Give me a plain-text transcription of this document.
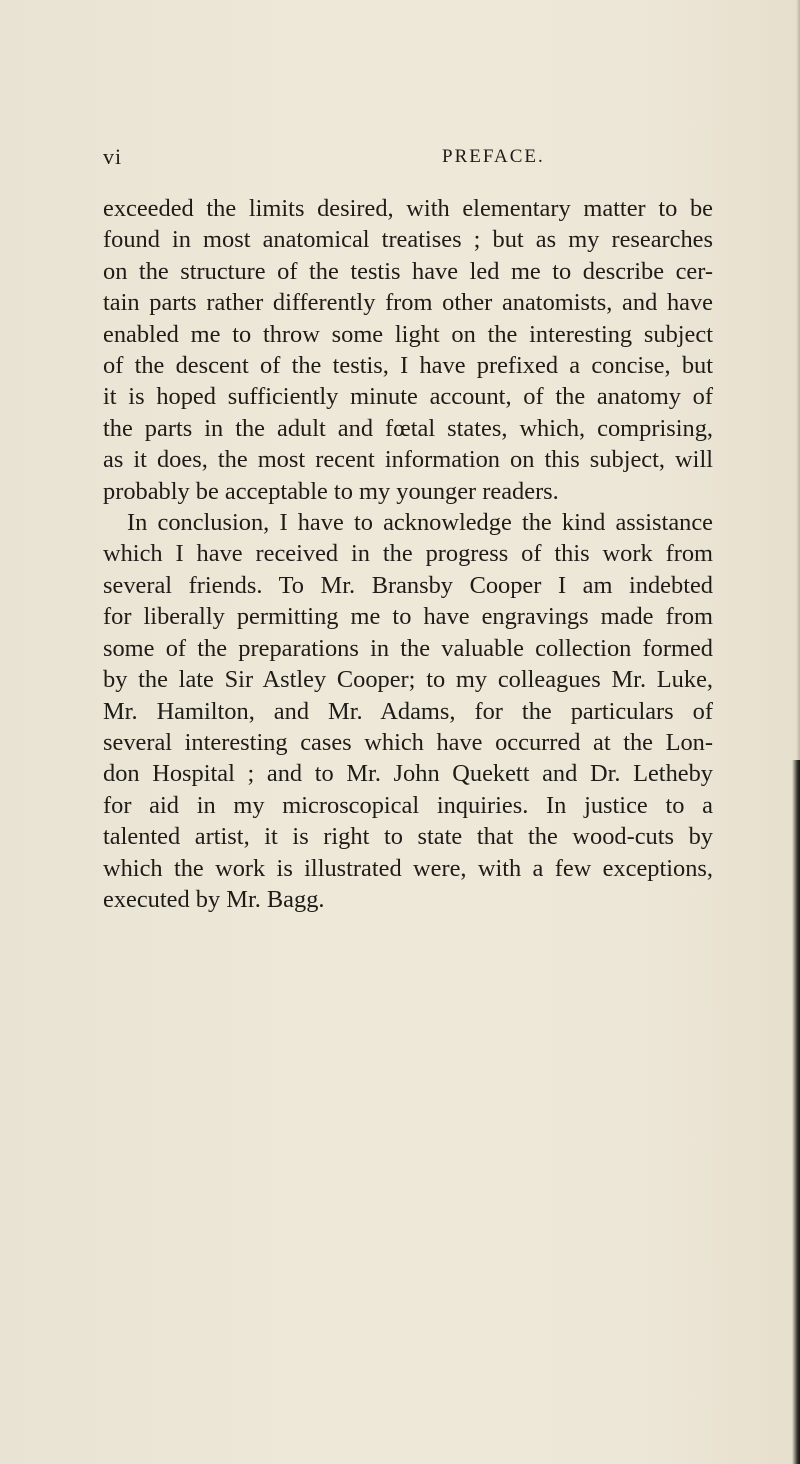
vi	PREFACE.
exceeded the limits desired, with elementary matter to be
found in most anatomical treatises ; but as my researches
on the structure of the testis have led me to describe cer-
tain parts rather differently from other anatomists, and have
enabled me to throw some light on the interesting subject
of the descent of the testis, I have prefixed a concise, but
it is hoped sufficiently minute account, of the anatomy of
the parts in the adult and fœtal states, which, comprising,
as it does, the most recent information on this subject, will
probably be acceptable to my younger readers.
In conclusion, I have to acknowledge the kind assistance
which I have received in the progress of this work from
several friends. To Mr. Bransby Cooper I am indebted
for liberally permitting me to have engravings made from
some of the preparations in the valuable collection formed
by the late Sir Astley Cooper; to my colleagues Mr. Luke,
Mr. Hamilton, and Mr. Adams, for the particulars of
several interesting cases which have occurred at the Lon-
don Hospital ; and to Mr. John Quekett and Dr. Letheby
for aid in my microscopical inquiries. In justice to a
talented artist, it is right to state that the wood-cuts by
which the work is illustrated were, with a few exceptions,
executed by Mr. Bagg.
